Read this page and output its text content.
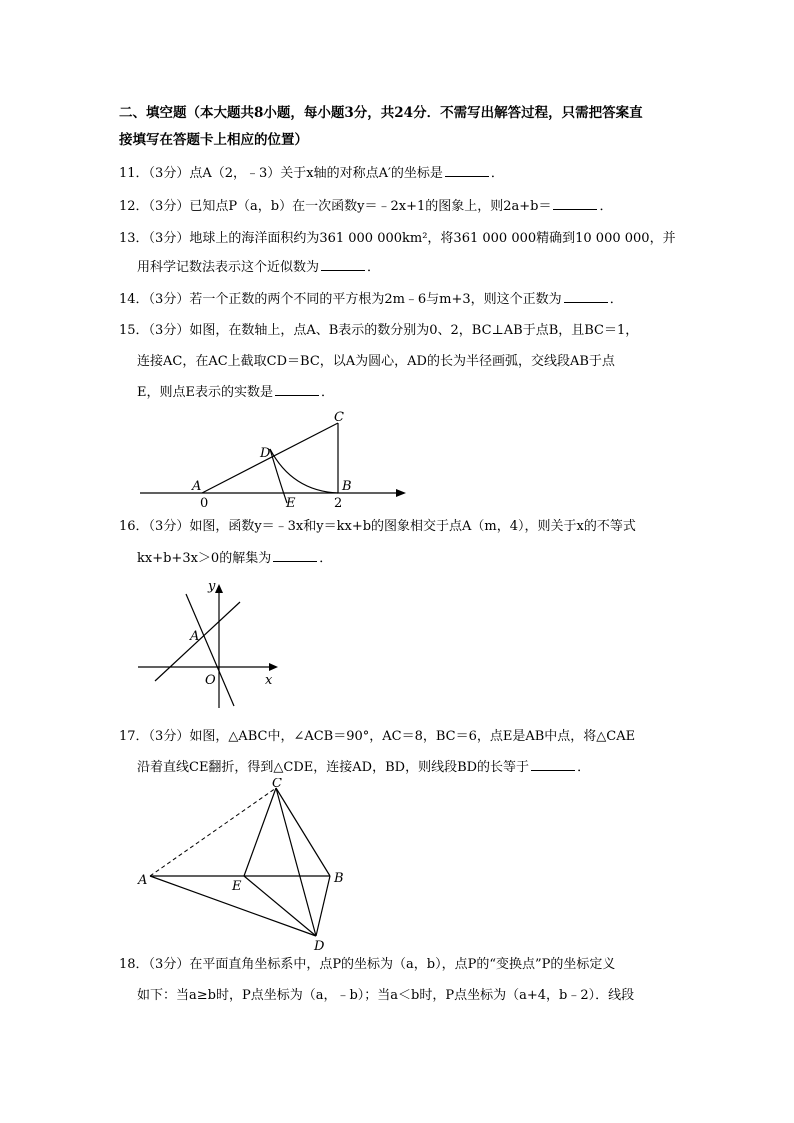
二、填空题（本大题共8小题，每小题3分，共24分．不需写出解答过程，只需把答案直
接填写在答题卡上相应的位置）
11．（3分）点A（2，﹣3）关于x轴的对称点A′的坐标是	．
12．（3分）已知点P（a，b）在一次函数y＝﹣2x+1的图象上，则2a+b＝	．
13．（3分）地球上的海洋面积约为361 000 000km²，将361 000 000精确到10 000 000，并
用科学记数法表示这个近似数为	．
14．（3分）若一个正数的两个不同的平方根为2m﹣6与m+3，则这个正数为	．
15．（3分）如图，在数轴上，点A、B表示的数分别为0、2，BC⊥AB于点B，且BC＝1，
连接AC，在AC上截取CD＝BC，以A为圆心，AD的长为半径画弧，交线段AB于点
E，则点E表示的实数是	．
A	B
C
D
E
0	2
16．（3分）如图，函数y＝﹣3x和y＝kx+b的图象相交于点A（m，4），则关于x的不等式
kx+b+3x＞0的解集为	．
y
x
O
A
17．（3分）如图，△ABC中，∠ACB＝90°，AC＝8，BC＝6，点E是AB中点，将△CAE
沿着直线CE翻折，得到△CDE，连接AD，BD，则线段BD的长等于	．
A	B
C
D
E
18．（3分）在平面直角坐标系中，点P的坐标为（a，b），点P的“变换点”P的坐标定义
如下：当a≥b时，P点坐标为（a，﹣b）；当a＜b时，P点坐标为（a+4，b﹣2）．线段
